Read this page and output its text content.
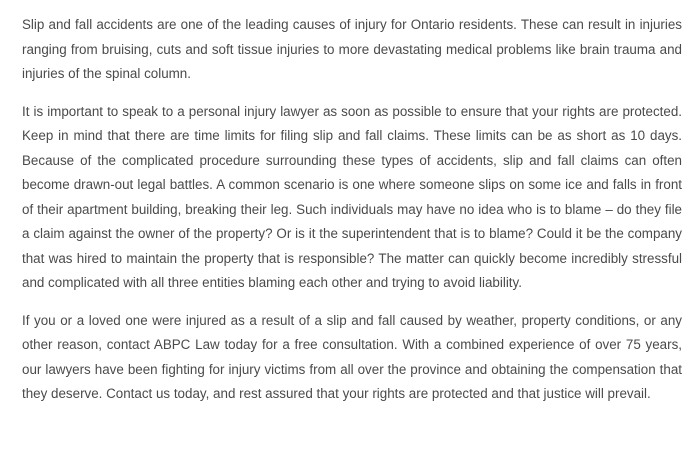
Slip and fall accidents are one of the leading causes of injury for Ontario residents. These can result in injuries ranging from bruising, cuts and soft tissue injuries to more devastating medical problems like brain trauma and injuries of the spinal column.

It is important to speak to a personal injury lawyer as soon as possible to ensure that your rights are protected. Keep in mind that there are time limits for filing slip and fall claims. These limits can be as short as 10 days. Because of the complicated procedure surrounding these types of accidents, slip and fall claims can often become drawn-out legal battles. A common scenario is one where someone slips on some ice and falls in front of their apartment building, breaking their leg. Such individuals may have no idea who is to blame – do they file a claim against the owner of the property? Or is it the superintendent that is to blame? Could it be the company that was hired to maintain the property that is responsible? The matter can quickly become incredibly stressful and complicated with all three entities blaming each other and trying to avoid liability.

If you or a loved one were injured as a result of a slip and fall caused by weather, property conditions, or any other reason, contact ABPC Law today for a free consultation. With a combined experience of over 75 years, our lawyers have been fighting for injury victims from all over the province and obtaining the compensation that they deserve. Contact us today, and rest assured that your rights are protected and that justice will prevail.
